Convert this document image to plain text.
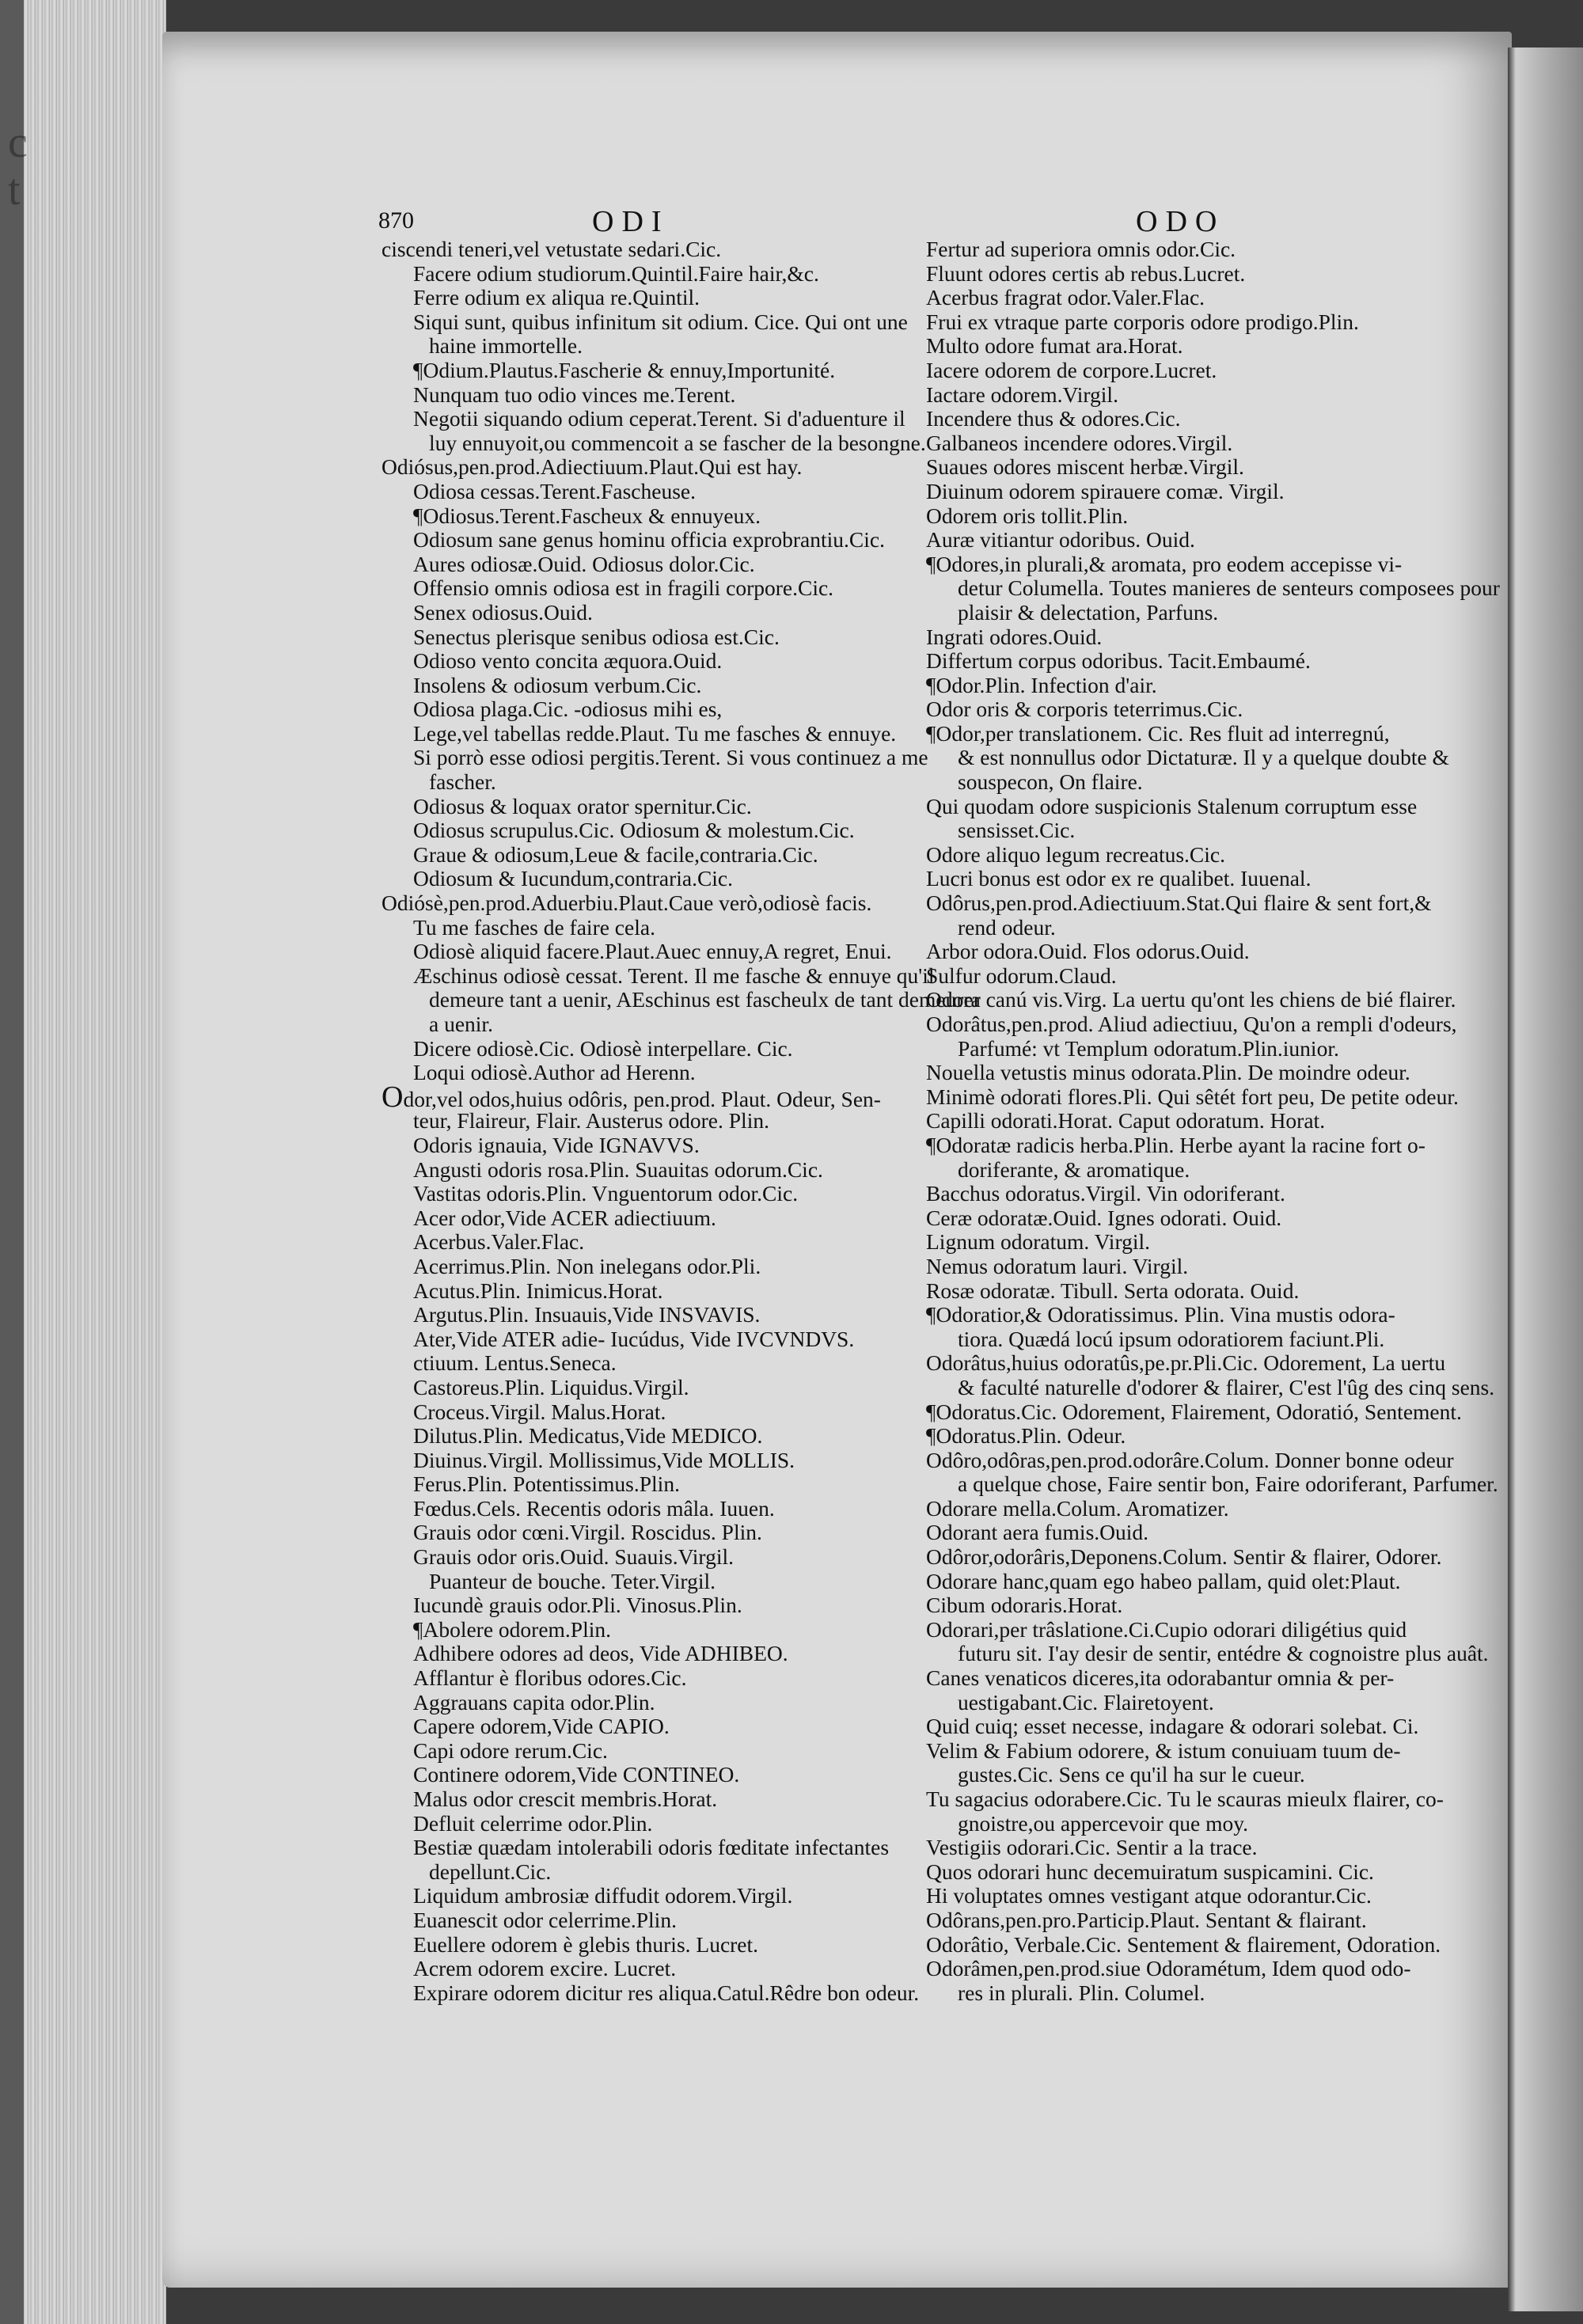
c
t
870	ODI	ODO
ciscendi teneri,vel vetustate sedari.Cic.
Facere odium studiorum.Quintil.Faire hair,&c.
Ferre odium ex aliqua re.Quintil.
Siqui sunt, quibus infinitum sit odium. Cice. Qui ont une
haine immortelle.
¶Odium.Plautus.Fascherie & ennuy,Importunité.
Nunquam tuo odio vinces me.Terent.
Negotii siquando odium ceperat.Terent. Si d'aduenture il
luy ennuyoit,ou commencoit a se fascher de la besongne.
Odiósus,pen.prod.Adiectiuum.Plaut.Qui est hay.
Odiosa cessas.Terent.Fascheuse.
¶Odiosus.Terent.Fascheux & ennuyeux.
Odiosum sane genus hominu officia exprobrantiu.Cic.
Aures odiosæ.Ouid. Odiosus dolor.Cic.
Offensio omnis odiosa est in fragili corpore.Cic.
Senex odiosus.Ouid.
Senectus plerisque senibus odiosa est.Cic.
Odioso vento concita æquora.Ouid.
Insolens & odiosum verbum.Cic.
Odiosa plaga.Cic. -odiosus mihi es,
Lege,vel tabellas redde.Plaut. Tu me fasches & ennuye.
Si porrò esse odiosi pergitis.Terent. Si vous continuez a me
fascher.
Odiosus & loquax orator spernitur.Cic.
Odiosus scrupulus.Cic. Odiosum & molestum.Cic.
Graue & odiosum,Leue & facile,contraria.Cic.
Odiosum & Iucundum,contraria.Cic.
Odiósè,pen.prod.Aduerbiu.Plaut.Caue verò,odiosè facis.
Tu me fasches de faire cela.
Odiosè aliquid facere.Plaut.Auec ennuy,A regret, Enui.
Æschinus odiosè cessat. Terent. Il me fasche & ennuye qu'il
demeure tant a uenir, AEschinus est fascheulx de tant demeurer
a uenir.
Dicere odiosè.Cic. Odiosè interpellare. Cic.
Loqui odiosè.Author ad Herenn.
Odor,vel odos,huius odôris, pen.prod. Plaut. Odeur, Sen-
teur, Flaireur, Flair. Austerus odore. Plin.
Odoris ignauia, Vide IGNAVVS.
Angusti odoris rosa.Plin. Suauitas odorum.Cic.
Vastitas odoris.Plin. Vnguentorum odor.Cic.
Acer odor,Vide ACER adiectiuum.
Acerbus.Valer.Flac.
Acerrimus.Plin. Non inelegans odor.Pli.
Acutus.Plin. Inimicus.Horat.
Argutus.Plin. Insuauis,Vide INSVAVIS.
Ater,Vide ATER adie- Iucúdus, Vide IVCVNDVS.
ctiuum. Lentus.Seneca.
Castoreus.Plin. Liquidus.Virgil.
Croceus.Virgil. Malus.Horat.
Dilutus.Plin. Medicatus,Vide MEDICO.
Diuinus.Virgil. Mollissimus,Vide MOLLIS.
Ferus.Plin. Potentissimus.Plin.
Fœdus.Cels. Recentis odoris mâla. Iuuen.
Grauis odor cœni.Virgil. Roscidus. Plin.
Grauis odor oris.Ouid. Suauis.Virgil.
Puanteur de bouche. Teter.Virgil.
Iucundè grauis odor.Pli. Vinosus.Plin.
¶Abolere odorem.Plin.
Adhibere odores ad deos, Vide ADHIBEO.
Afflantur è floribus odores.Cic.
Aggrauans capita odor.Plin.
Capere odorem,Vide CAPIO.
Capi odore rerum.Cic.
Continere odorem,Vide CONTINEO.
Malus odor crescit membris.Horat.
Defluit celerrime odor.Plin.
Bestiæ quædam intolerabili odoris fœditate infectantes
depellunt.Cic.
Liquidum ambrosiæ diffudit odorem.Virgil.
Euanescit odor celerrime.Plin.
Euellere odorem è glebis thuris. Lucret.
Acrem odorem excire. Lucret.
Expirare odorem dicitur res aliqua.Catul.Rêdre bon odeur.
Fertur ad superiora omnis odor.Cic.
Fluunt odores certis ab rebus.Lucret.
Acerbus fragrat odor.Valer.Flac.
Frui ex vtraque parte corporis odore prodigo.Plin.
Multo odore fumat ara.Horat.
Iacere odorem de corpore.Lucret.
Iactare odorem.Virgil.
Incendere thus & odores.Cic.
Galbaneos incendere odores.Virgil.
Suaues odores miscent herbæ.Virgil.
Diuinum odorem spirauere comæ. Virgil.
Odorem oris tollit.Plin.
Auræ vitiantur odoribus. Ouid.
¶Odores,in plurali,& aromata, pro eodem accepisse vi-
detur Columella. Toutes manieres de senteurs composees pour
plaisir & delectation, Parfuns.
Ingrati odores.Ouid.
Differtum corpus odoribus. Tacit.Embaumé.
¶Odor.Plin. Infection d'air.
Odor oris & corporis teterrimus.Cic.
¶Odor,per translationem. Cic. Res fluit ad interregnú,
& est nonnullus odor Dictaturæ. Il y a quelque doubte &
souspecon, On flaire.
Qui quodam odore suspicionis Stalenum corruptum esse
sensisset.Cic.
Odore aliquo legum recreatus.Cic.
Lucri bonus est odor ex re qualibet. Iuuenal.
Odôrus,pen.prod.Adiectiuum.Stat.Qui flaire & sent fort,&
rend odeur.
Arbor odora.Ouid. Flos odorus.Ouid.
Sulfur odorum.Claud.
Odora canú vis.Virg. La uertu qu'ont les chiens de bié flairer.
Odorâtus,pen.prod. Aliud adiectiuu, Qu'on a rempli d'odeurs,
Parfumé: vt Templum odoratum.Plin.iunior.
Nouella vetustis minus odorata.Plin. De moindre odeur.
Minimè odorati flores.Pli. Qui sêtét fort peu, De petite odeur.
Capilli odorati.Horat. Caput odoratum. Horat.
¶Odoratæ radicis herba.Plin. Herbe ayant la racine fort o-
doriferante, & aromatique.
Bacchus odoratus.Virgil. Vin odoriferant.
Ceræ odoratæ.Ouid. Ignes odorati. Ouid.
Lignum odoratum. Virgil.
Nemus odoratum lauri. Virgil.
Rosæ odoratæ. Tibull. Serta odorata. Ouid.
¶Odoratior,& Odoratissimus. Plin. Vina mustis odora-
tiora. Quædá locú ipsum odoratiorem faciunt.Pli.
Odorâtus,huius odoratûs,pe.pr.Pli.Cic. Odorement, La uertu
& faculté naturelle d'odorer & flairer, C'est l'ûg des cinq sens.
¶Odoratus.Cic. Odorement, Flairement, Odoratió, Sentement.
¶Odoratus.Plin. Odeur.
Odôro,odôras,pen.prod.odorâre.Colum. Donner bonne odeur
a quelque chose, Faire sentir bon, Faire odoriferant, Parfumer.
Odorare mella.Colum. Aromatizer.
Odorant aera fumis.Ouid.
Odôror,odorâris,Deponens.Colum. Sentir & flairer, Odorer.
Odorare hanc,quam ego habeo pallam, quid olet:Plaut.
Cibum odoraris.Horat.
Odorari,per trâslatione.Ci.Cupio odorari diligétius quid
futuru sit. I'ay desir de sentir, entédre & cognoistre plus auât.
Canes venaticos diceres,ita odorabantur omnia & per-
uestigabant.Cic. Flairetoyent.
Quid cuiq; esset necesse, indagare & odorari solebat. Ci.
Velim & Fabium odorere, & istum conuiuam tuum de-
gustes.Cic. Sens ce qu'il ha sur le cueur.
Tu sagacius odorabere.Cic. Tu le scauras mieulx flairer, co-
gnoistre,ou appercevoir que moy.
Vestigiis odorari.Cic. Sentir a la trace.
Quos odorari hunc decemuiratum suspicamini. Cic.
Hi voluptates omnes vestigant atque odorantur.Cic.
Odôrans,pen.pro.Particip.Plaut. Sentant & flairant.
Odorâtio, Verbale.Cic. Sentement & flairement, Odoration.
Odorâmen,pen.prod.siue Odoramétum, Idem quod odo-
res in plurali. Plin. Columel.
